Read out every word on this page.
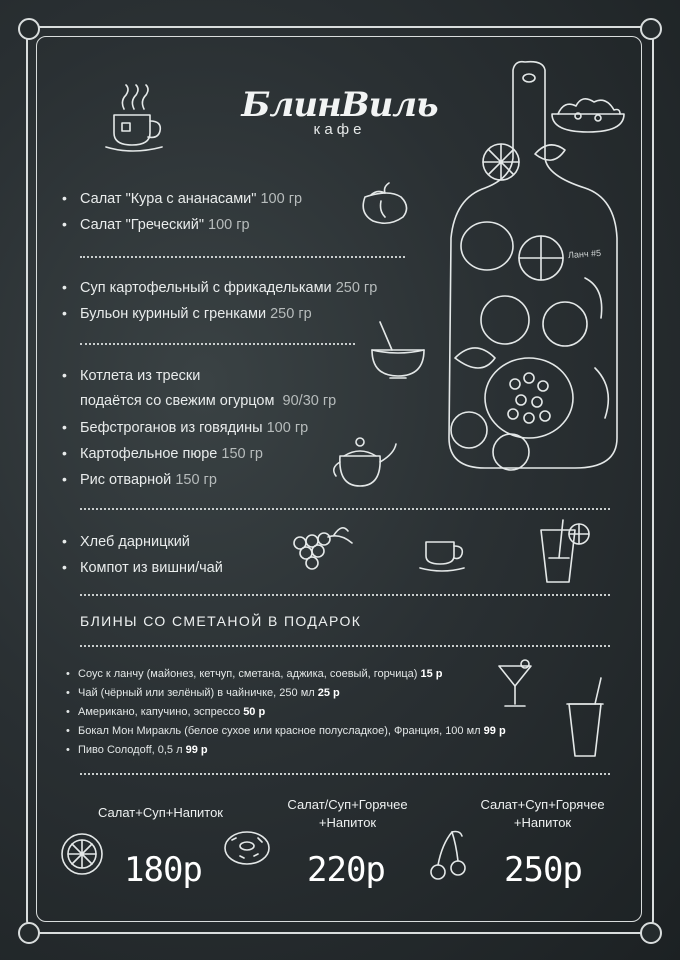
БлинВиль
кафе
• Салат "Кура с ананасами" 100 гр
• Салат "Греческий" 100 гр
• Суп картофельный с фрикадельками 250 гр
• Бульон куриный с гренками 250 гр
• Котлета из трески
подаётся со свежим огурцом 90/30 гр
• Бефстроганов из говядины 100 гр
• Картофельное пюре 150 гр
• Рис отварной 150 гр
• Хлеб дарницкий
• Компот из вишни/чай
БЛИНЫ СО СМЕТАНОЙ В ПОДАРОК
• Соус к ланчу (майонез, кетчуп, сметана, аджика, соевый, горчица) 15 р
• Чай (чёрный или зелёный) в чайничке, 250 мл 25 р
• Американо, капучино, эспрессо 50 р
• Бокал Мон Миракль (белое сухое или красное полусладкое), Франция, 100 мл 99 р
• Пиво Солодоff, 0,5 л 99 р
Салат+Суп+Напиток
180р
Салат/Суп+Горячее
+Напиток
220р
Салат+Суп+Горячее
+Напиток
250р
Ланч #5
